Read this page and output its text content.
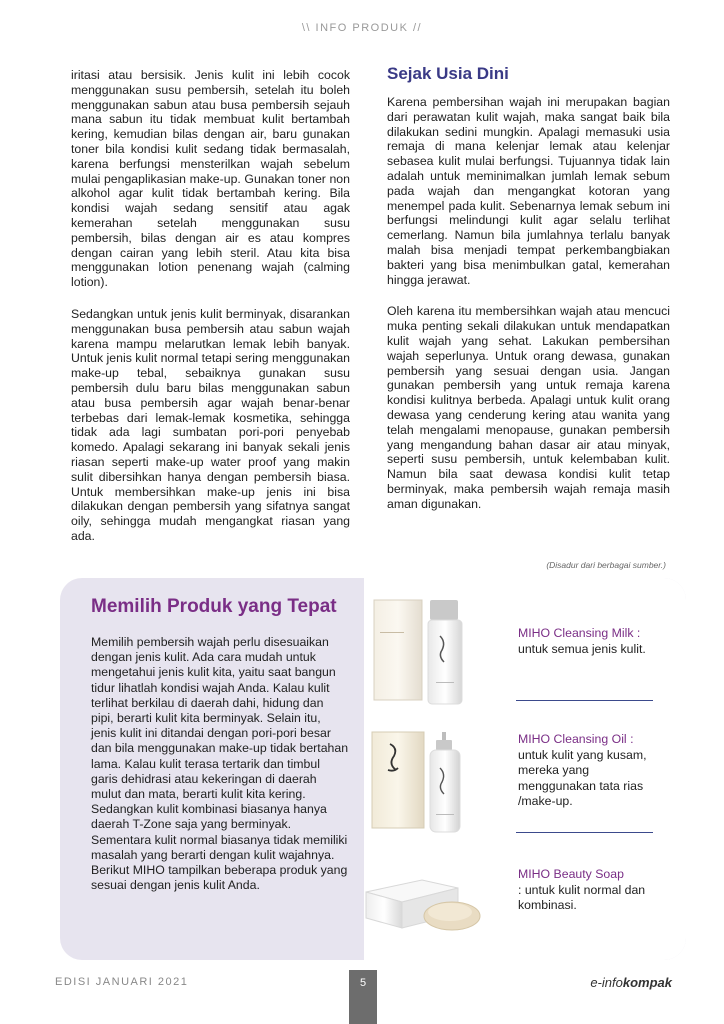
\\ INFO PRODUK //

iritasi atau bersisik. Jenis kulit ini lebih cocok menggunakan susu pembersih, setelah itu boleh menggunakan sabun atau busa pembersih sejauh mana sabun itu tidak membuat kulit bertambah kering, kemudian bilas dengan air, baru gunakan toner bila kondisi kulit sedang tidak bermasalah, karena berfungsi mensterilkan wajah sebelum mulai pengaplikasian make-up. Gunakan toner non alkohol agar kulit tidak bertambah kering. Bila kondisi wajah sedang sensitif atau agak kemerahan setelah menggunakan susu pembersih, bilas dengan air es atau kompres dengan cairan yang lebih steril. Atau kita bisa menggunakan lotion penenang wajah (calming lotion).

Sedangkan untuk jenis kulit berminyak, disarankan menggunakan busa pembersih atau sabun wajah karena mampu melarutkan lemak lebih banyak. Untuk jenis kulit normal tetapi sering menggunakan make-up tebal, sebaiknya gunakan susu pembersih dulu baru bilas menggunakan sabun atau busa pembersih agar wajah benar-benar terbebas dari lemak-lemak kosmetika, sehingga tidak ada lagi sumbatan pori-pori penyebab komedo. Apalagi sekarang ini banyak sekali jenis riasan seperti make-up water proof yang makin sulit dibersihkan hanya dengan pembersih biasa. Untuk membersihkan make-up jenis ini bisa dilakukan dengan pembersih yang sifatnya sangat oily, sehingga mudah mengangkat riasan yang ada.

Sejak Usia Dini

Karena pembersihan wajah ini merupakan bagian dari perawatan kulit wajah, maka sangat baik bila dilakukan sedini mungkin. Apalagi memasuki usia remaja di mana kelenjar lemak atau kelenjar sebasea kulit mulai berfungsi. Tujuannya tidak lain adalah untuk meminimalkan jumlah lemak sebum pada wajah dan mengangkat kotoran yang menempel pada kulit. Sebenarnya lemak sebum ini berfungsi melindungi kulit agar selalu terlihat cemerlang. Namun bila jumlahnya terlalu banyak malah bisa menjadi tempat perkembangbiakan bakteri yang bisa menimbulkan gatal, kemerahan hingga jerawat.

Oleh karena itu membersihkan wajah atau mencuci muka penting sekali dilakukan untuk mendapatkan kulit wajah yang sehat. Lakukan pembersihan wajah seperlunya. Untuk orang dewasa, gunakan pembersih yang sesuai dengan usia. Jangan gunakan pembersih yang untuk remaja karena kondisi kulitnya berbeda. Apalagi untuk kulit orang dewasa yang cenderung kering atau wanita yang telah mengalami menopause, gunakan pembersih yang mengandung bahan dasar air atau minyak, seperti susu pembersih, untuk kelembaban kulit. Namun bila saat dewasa kondisi kulit tetap berminyak, maka pembersih wajah remaja masih aman digunakan.

(Disadur dari berbagai sumber.)
Memilih Produk yang Tepat
Memilih pembersih wajah perlu disesuaikan dengan jenis kulit. Ada cara mudah untuk mengetahui jenis kulit kita, yaitu saat bangun tidur lihatlah kondisi wajah Anda. Kalau kulit terlihat berkilau di daerah dahi, hidung dan pipi, berarti kulit kita berminyak. Selain itu, jenis kulit ini ditandai dengan pori-pori besar dan bila menggunakan make-up tidak bertahan lama. Kalau kulit terasa tertarik dan timbul garis dehidrasi atau kekeringan di daerah mulut dan mata, berarti kulit kita kering. Sedangkan kulit kombinasi biasanya hanya daerah T-Zone saja yang berminyak. Sementara kulit normal biasanya tidak memiliki masalah yang berarti dengan kulit wajahnya. Berikut MIHO tampilkan beberapa produk yang sesuai dengan jenis kulit Anda.
MIHO Cleansing Milk :
untuk semua jenis kulit.
MIHO Cleansing Oil :
untuk kulit yang kusam, mereka yang menggunakan tata rias /make-up.
MIHO Beauty Soap
: untuk kulit normal dan kombinasi.
EDISI JANUARI 2021	5	e-infokompak
